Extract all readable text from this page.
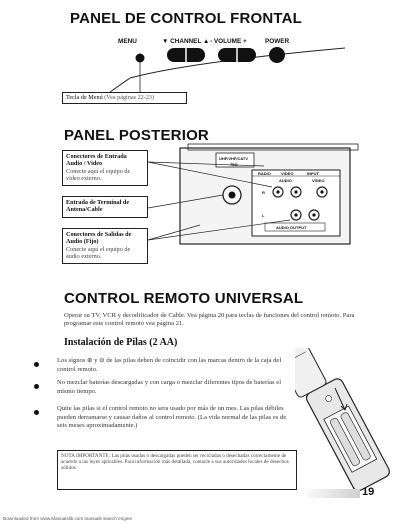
PANEL DE CONTROL FRONTAL
MENU	▼ CHANNEL ▲ - VOLUME +	POWER
Tecla de Menú (Vea páginas 22-23)
PANEL POSTERIOR
UHF/VHF/CATV
75Ω
RADIO	VIDEO	INPUT
AUDIO	VIDEO
R
L
AUDIO OUTPUT
Conectores de Entrada Audio / Video
Conecte aquí el equipo de video externo.
Entrada de Terminal de Antena/Cable
Conectores de Salidas de Audio (Fijo)
Conecte aquí el equipo de audio externo.
CONTROL REMOTO UNIVERSAL
Operar su TV, VCR y decodificador de Cable. Vea página 20 para teclas de funciones del control remoto. Para programar este control remoto vea página 21.
Instalación de Pilas (2 AA)
Los signos ⊕ y ⊖ de las pilas deben de coincidir con las marcas dentro de la caja del control remoto.
No mezclar baterías descargadas y con carga o mezclar diferentes tipos de baterías el mismo tiempo.
Quite las pilas si el control remoto no sera usado por más de un mes. Las pilas débiles pueden derramarse y causar daños al control remoto. (La vida normal de las pilas es de seis meses aproximadamente.)
NOTA IMPORTANTE: Las pilas usadas o descargadas pueden ser recicladas o desechadas correctamente de acuerdo a las leyes aplicables. Para información más detallada, contacte a sus autoridades locales de desechos sólidos.
19
Downloaded from www.Manualslib.com manuals search engine
